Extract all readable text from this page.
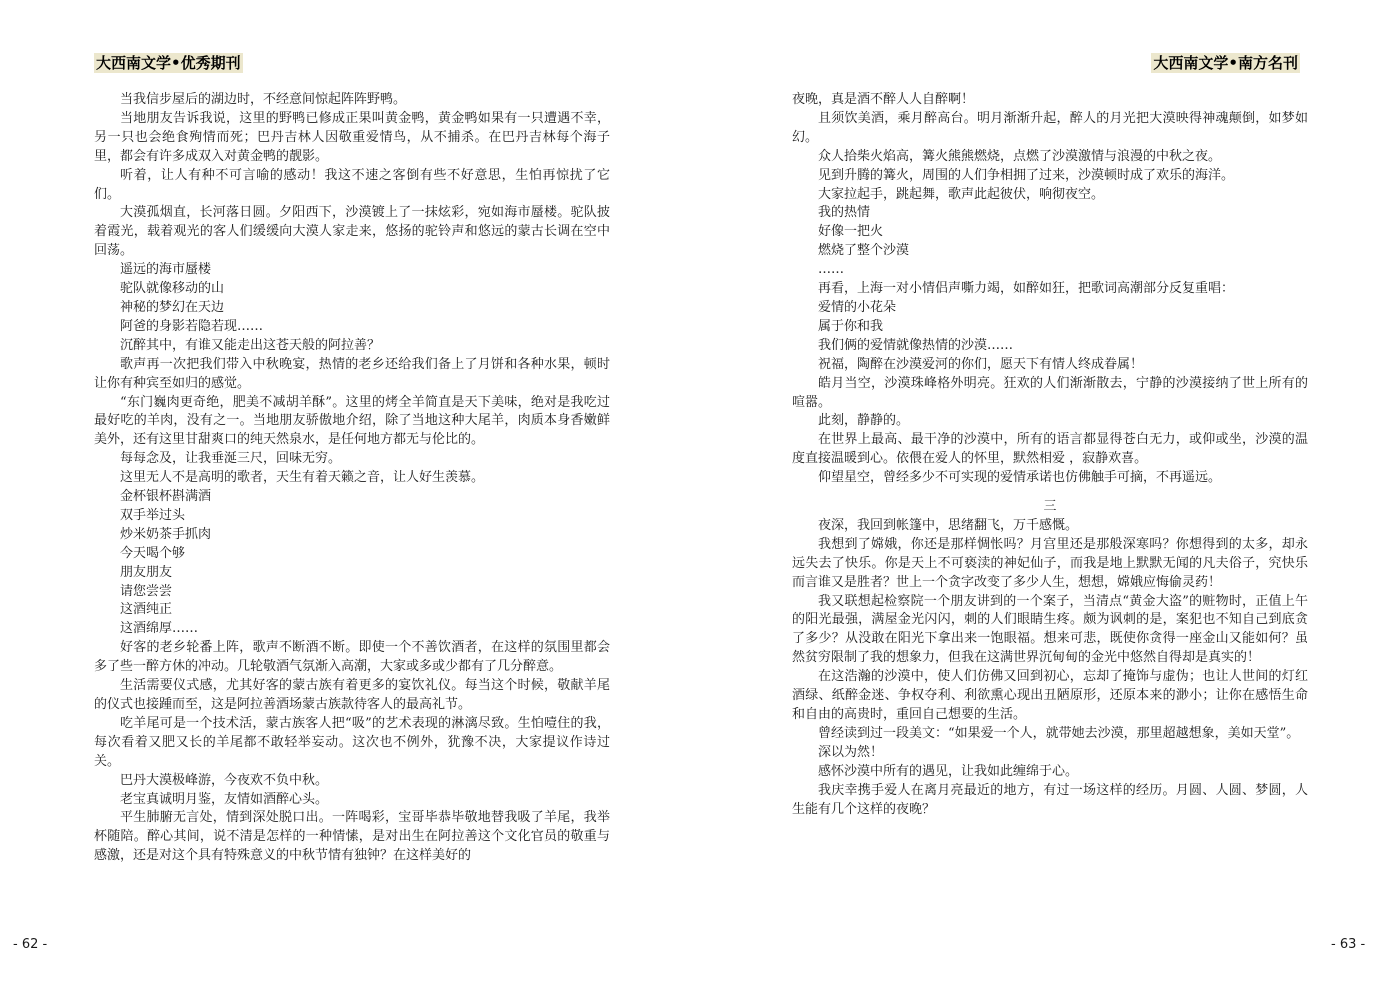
大西南文学•优秀期刊	大西南文学•南方名刊

当我信步屋后的湖边时，不经意间惊起阵阵野鸭。

当地朋友告诉我说，这里的野鸭已修成正果叫黄金鸭，黄金鸭如果有一只遭遇不幸，另一只也会绝食殉情而死；巴丹吉林人因敬重爱情鸟，从不捕杀。在巴丹吉林每个海子里，都会有许多成双入对黄金鸭的靓影。

听着，让人有种不可言喻的感动！我这不速之客倒有些不好意思，生怕再惊扰了它们。

大漠孤烟直，长河落日圆。夕阳西下，沙漠镀上了一抹炫彩，宛如海市蜃楼。驼队披着霞光，载着观光的客人们缓缓向大漠人家走来，悠扬的驼铃声和悠远的蒙古长调在空中回荡。

遥远的海市蜃楼

驼队就像移动的山

神秘的梦幻在天边

阿爸的身影若隐若现……

沉醉其中，有谁又能走出这苍天般的阿拉善？

歌声再一次把我们带入中秋晚宴，热情的老乡还给我们备上了月饼和各种水果，顿时让你有种宾至如归的感觉。

“东门巍肉更奇绝，肥美不减胡羊酥”。这里的烤全羊简直是天下美味，绝对是我吃过最好吃的羊肉，没有之一。当地朋友骄傲地介绍，除了当地这种大尾羊，肉质本身香嫩鲜美外，还有这里甘甜爽口的纯天然泉水，是任何地方都无与伦比的。

每每念及，让我垂涎三尺，回味无穷。

这里无人不是高明的歌者，天生有着天籁之音，让人好生羡慕。

金杯银杯斟满酒

双手举过头

炒米奶茶手抓肉

今天喝个够

朋友朋友

请您尝尝

这酒纯正

这酒绵厚……

好客的老乡轮番上阵，歌声不断酒不断。即使一个不善饮酒者，在这样的氛围里都会多了些一醉方休的冲动。几轮敬酒气氛渐入高潮，大家或多或少都有了几分醉意。

生活需要仪式感，尤其好客的蒙古族有着更多的宴饮礼仪。每当这个时候，敬献羊尾的仪式也接踵而至，这是阿拉善酒场蒙古族款待客人的最高礼节。

吃羊尾可是一个技术活，蒙古族客人把“吸”的艺术表现的淋漓尽致。生怕噎住的我，每次看着又肥又长的羊尾都不敢轻举妄动。这次也不例外，犹豫不决，大家提议作诗过关。

巴丹大漠极峰游，今夜欢不负中秋。

老宝真诚明月鉴，友情如酒醉心头。

平生肺腑无言处，情到深处脱口出。一阵喝彩，宝哥毕恭毕敬地替我吸了羊尾，我举杯随陪。醉心其间，说不清是怎样的一种情愫，是对出生在阿拉善这个文化官员的敬重与感激，还是对这个具有特殊意义的中秋节情有独钟？在这样美好的

夜晚，真是酒不醉人人自醉啊！

且须饮美酒，乘月醉高台。明月渐渐升起，醉人的月光把大漠映得神魂颠倒，如梦如幻。

众人拾柴火焰高，篝火熊熊燃烧，点燃了沙漠激情与浪漫的中秋之夜。

见到升腾的篝火，周围的人们争相拥了过来，沙漠顿时成了欢乐的海洋。

大家拉起手，跳起舞，歌声此起彼伏，响彻夜空。

我的热情

好像一把火

燃烧了整个沙漠

……

再看，上海一对小情侣声嘶力竭，如醉如狂，把歌词高潮部分反复重唱：

爱情的小花朵

属于你和我

我们俩的爱情就像热情的沙漠……

祝福，陶醉在沙漠爱河的你们，愿天下有情人终成眷属！

皓月当空，沙漠珠峰格外明亮。狂欢的人们渐渐散去，宁静的沙漠接纳了世上所有的喧嚣。

此刻，静静的。

在世界上最高、最干净的沙漠中，所有的语言都显得苍白无力，或仰或坐，沙漠的温度直接温暖到心。依偎在爱人的怀里，默然相爱 ，寂静欢喜。

仰望星空，曾经多少不可实现的爱情承诺也仿佛触手可摘，不再遥远。

三

夜深，我回到帐篷中，思绪翻飞，万千感慨。

我想到了嫦娥，你还是那样惆怅吗？月宫里还是那般深寒吗？你想得到的太多，却永远失去了快乐。你是天上不可亵渎的神妃仙子，而我是地上默默无闻的凡夫俗子，究快乐而言谁又是胜者？世上一个贪字改变了多少人生，想想，嫦娥应悔偷灵药！

我又联想起检察院一个朋友讲到的一个案子，当清点“黄金大盗”的赃物时，正值上午的阳光最强，满屋金光闪闪，刺的人们眼睛生疼。颇为讽刺的是，案犯也不知自己到底贪了多少？从没敢在阳光下拿出来一饱眼福。想来可悲，既使你贪得一座金山又能如何？虽然贫穷限制了我的想象力，但我在这满世界沉甸甸的金光中悠然自得却是真实的！

在这浩瀚的沙漠中，使人们仿佛又回到初心，忘却了掩饰与虚伪；也让人世间的灯红酒绿、纸醉金迷、争权夺利、利欲熏心现出丑陋原形，还原本来的渺小；让你在感悟生命和自由的高贵时，重回自己想要的生活。

曾经读到过一段美文：“如果爱一个人，就带她去沙漠，那里超越想象，美如天堂”。

深以为然！

感怀沙漠中所有的遇见，让我如此缠绵于心。

我庆幸携手爱人在离月亮最近的地方，有过一场这样的经历。月圆、人圆、梦圆，人生能有几个这样的夜晚？

- 62 -	- 63 -
